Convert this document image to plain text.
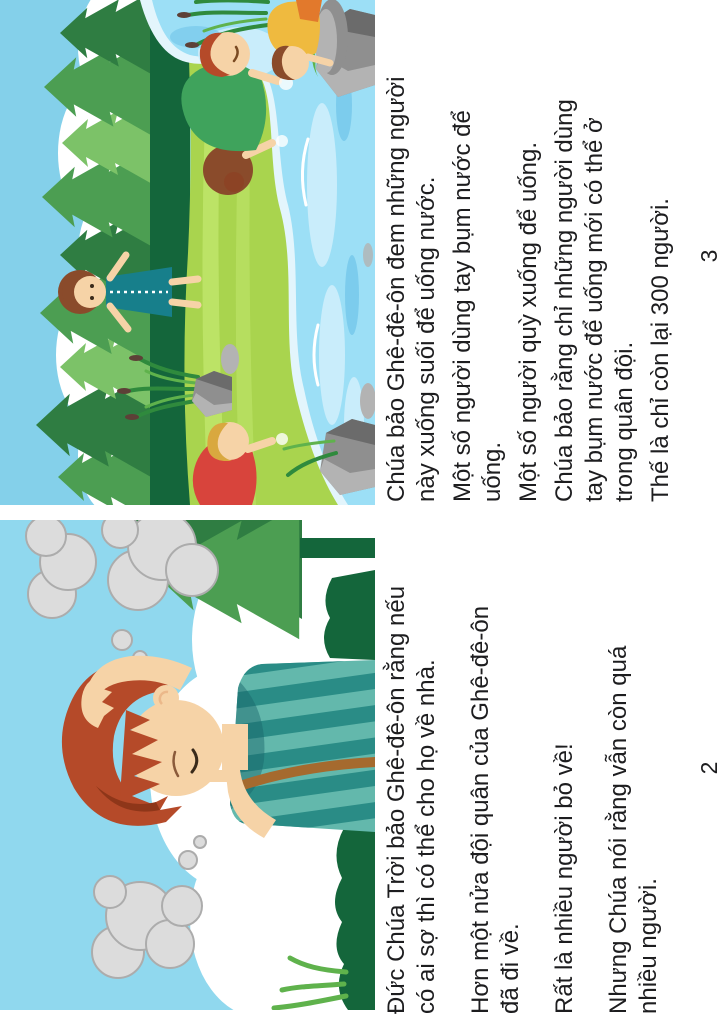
Chúa bảo Ghê-đê-ôn đem những người này xuống suối để uống nước. Một số người dùng tay bụm nước để uống. Một số người quỳ xuống để uống. Chúa bảo rằng chỉ những người dùng tay bụm nước để uống mới có thể ở trong quân đội. Thế là chỉ còn lại 300 người. 3
Đức Chúa Trời bảo Ghê-đê-ôn rằng nếu có ai sợ thì có thể cho họ về nhà. Hơn một nửa đội quân của Ghê-đê-ôn đã đi về. Rất là nhiều người bỏ về! Nhưng Chúa nói rằng vẫn còn quá nhiều người.
2
